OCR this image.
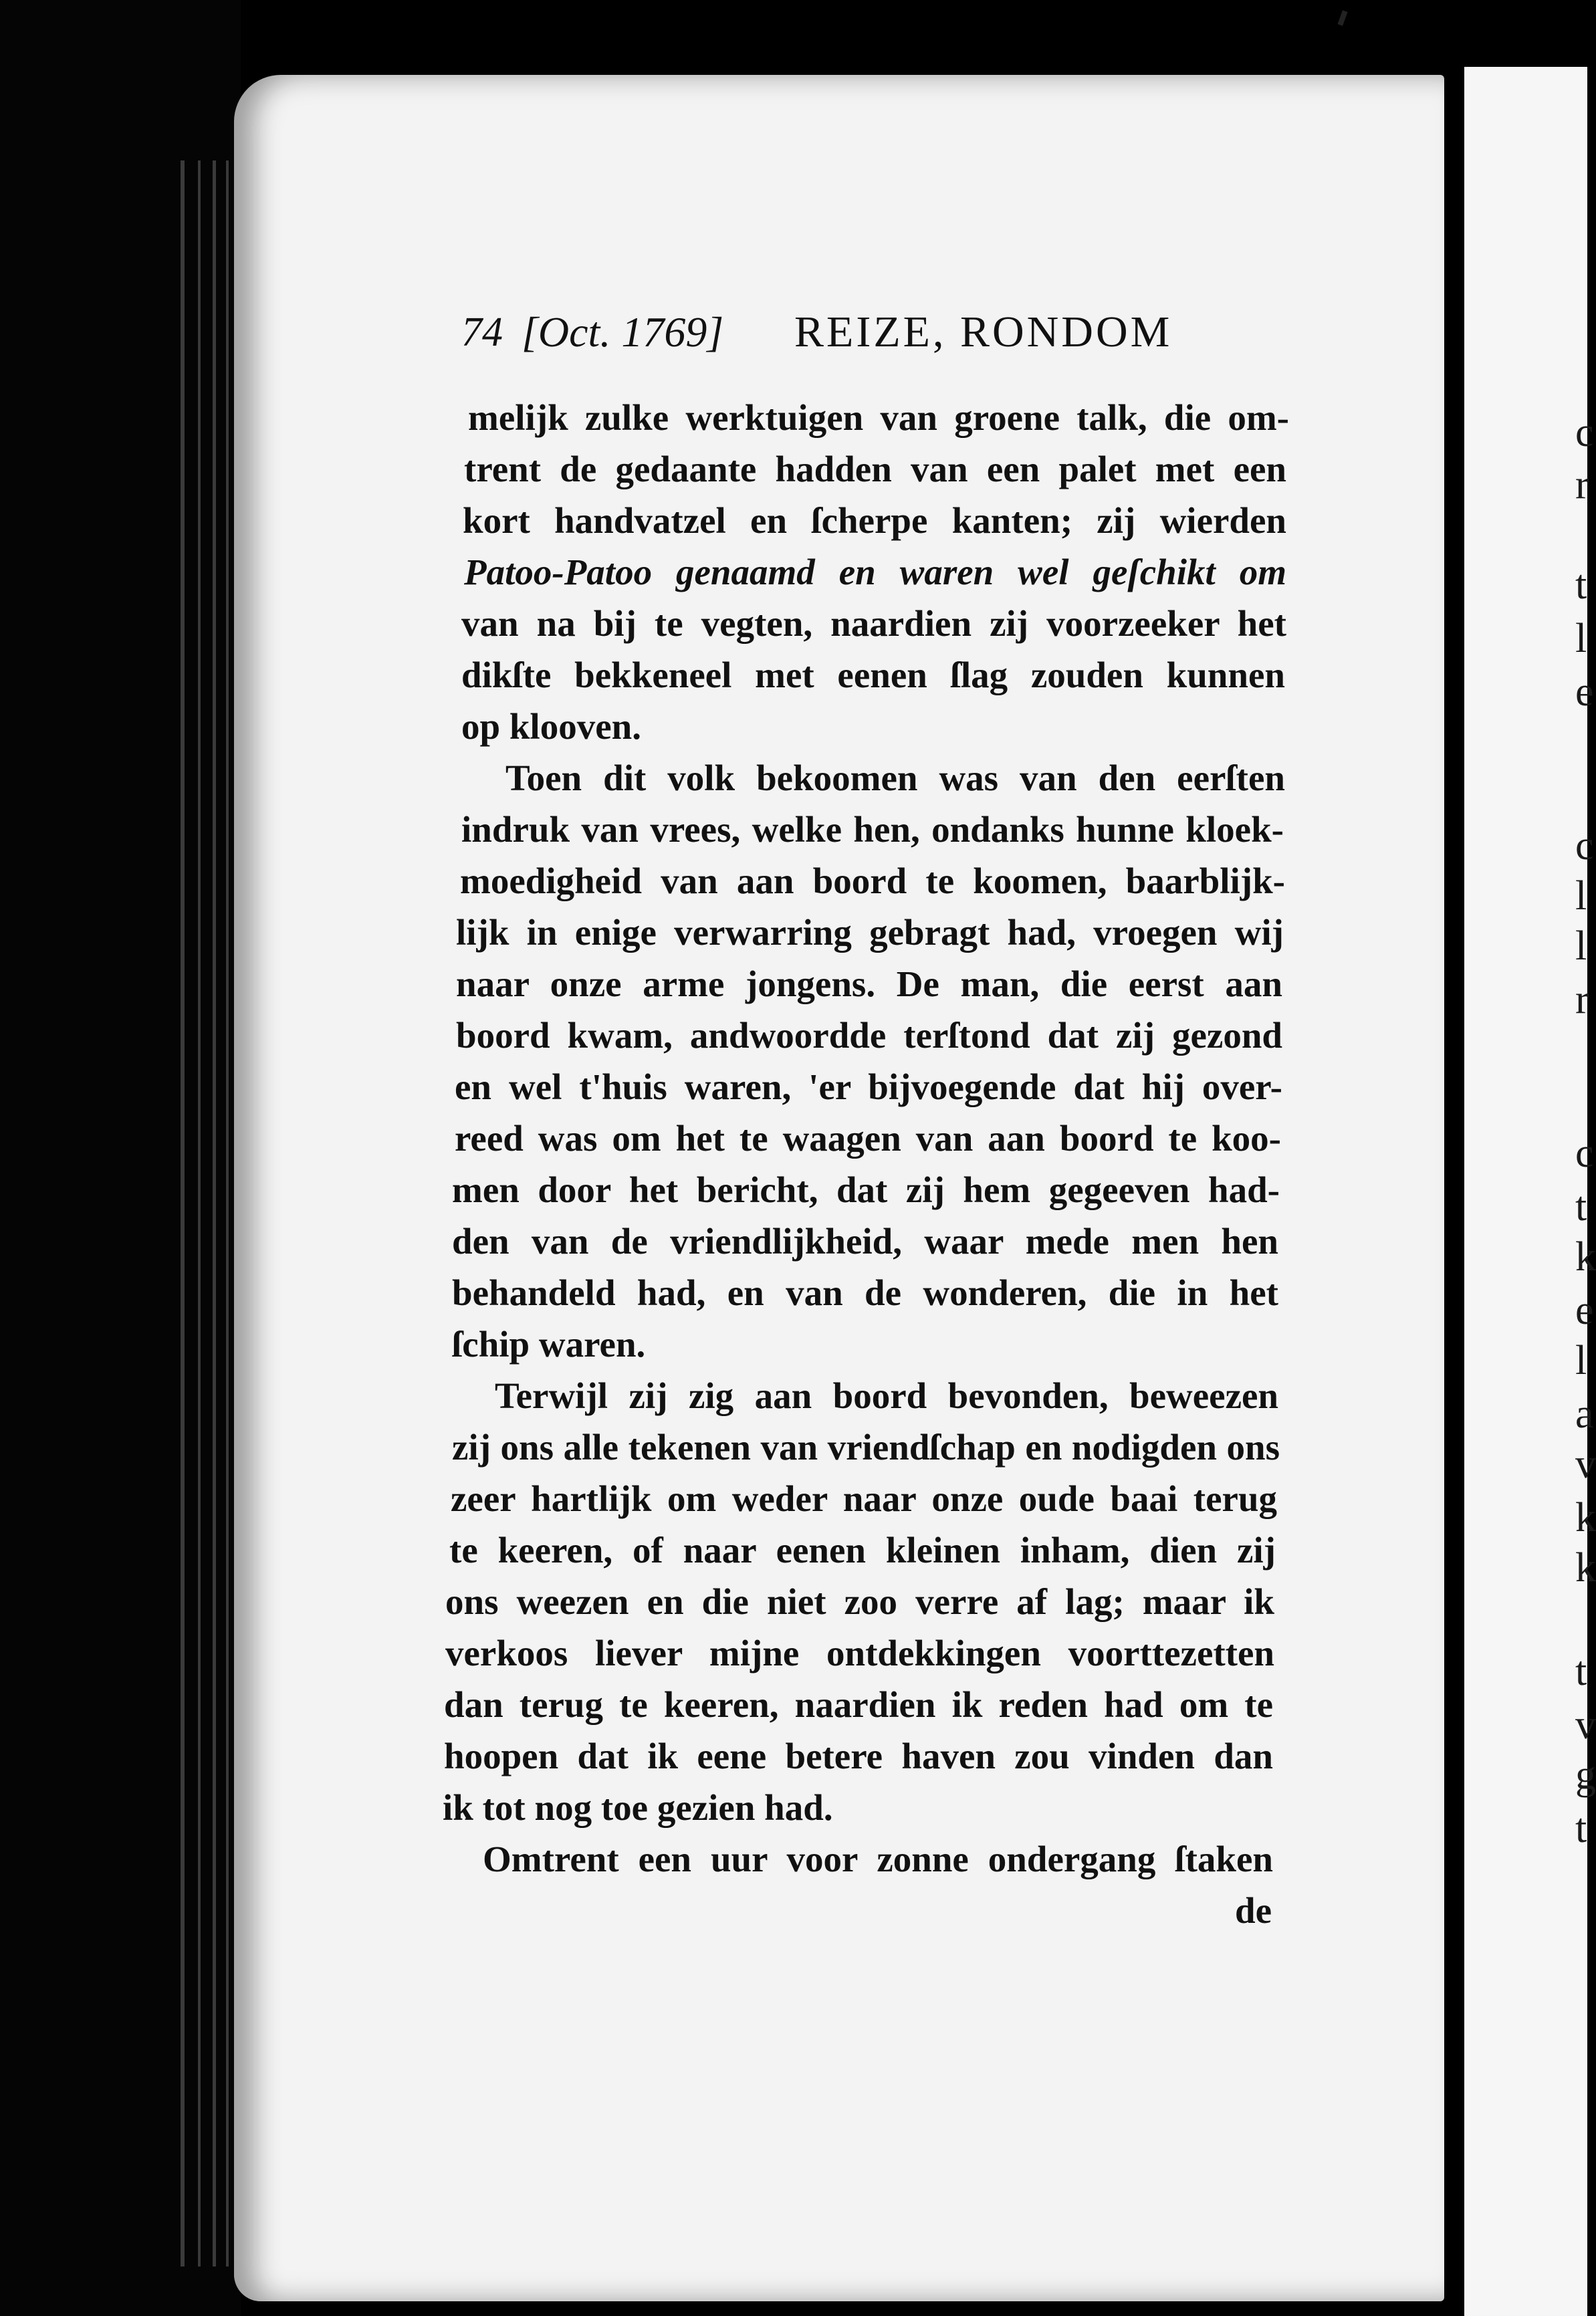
74 [Oct. 1769] REIZE, RONDOM
melijk zulke werktuigen van groene talk, die om-
trent de gedaante hadden van een palet met een
kort handvatzel en ſcherpe kanten; zij wierden
Patoo-Patoo genaamd en waren wel geſchikt om
van na bij te vegten, naardien zij voorzeeker het
dikſte bekkeneel met eenen ſlag zouden kunnen
op klooven.
Toen dit volk bekoomen was van den eerſten
indruk van vrees, welke hen, ondanks hunne kloek-
moedigheid van aan boord te koomen, baarblijk-
lijk in enige verwarring gebragt had, vroegen wij
naar onze arme jongens. De man, die eerst aan
boord kwam, andwoordde terſtond dat zij gezond
en wel t'huis waren, 'er bijvoegende dat hij over-
reed was om het te waagen van aan boord te koo-
men door het bericht, dat zij hem gegeeven had-
den van de vriendlijkheid, waar mede men hen
behandeld had, en van de wonderen, die in het
ſchip waren.
Terwijl zij zig aan boord bevonden, beweezen
zij ons alle tekenen van vriendſchap en nodigden ons
zeer hartlijk om weder naar onze oude baai terug
te keeren, of naar eenen kleinen inham, dien zij
ons weezen en die niet zoo verre af lag; maar ik
verkoos liever mijne ontdekkingen voorttezetten
dan terug te keeren, naardien ik reden had om te
hoopen dat ik eene betere haven zou vinden dan
ik tot nog toe gezien had.
Omtrent een uur voor zonne ondergang ſtaken
de
c
r
t
l
e
c
l
l
r
c
t
k
e
l
a
v
k
k
t
v
g
t
